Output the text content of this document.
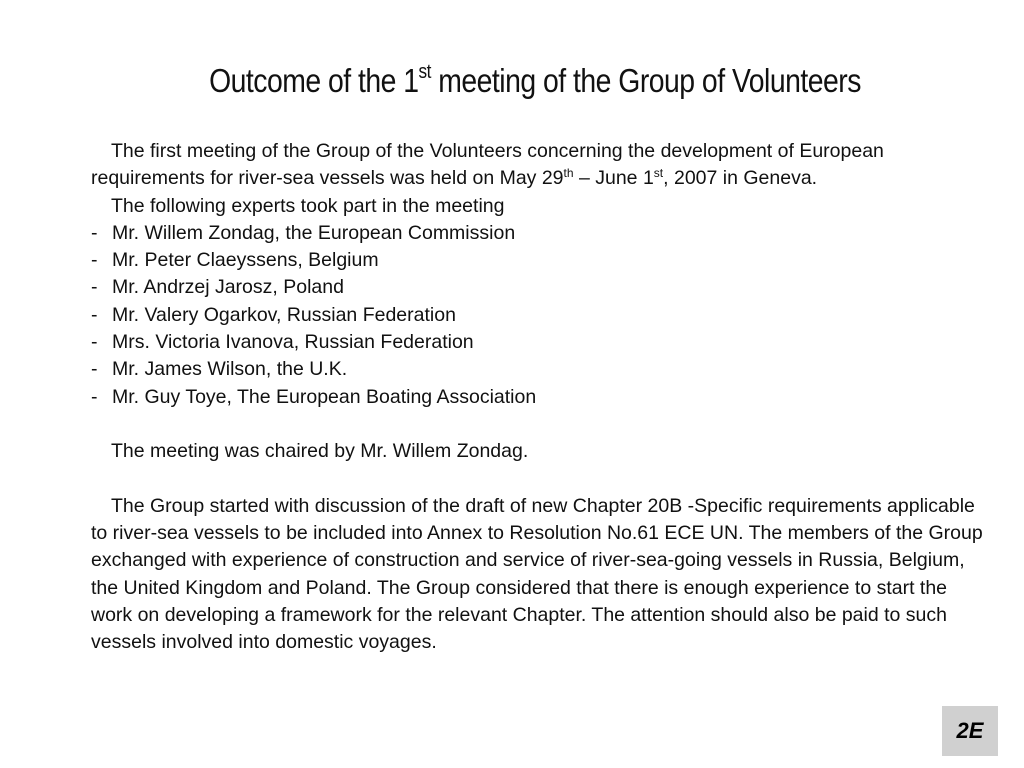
Outcome of the 1st meeting of the Group of Volunteers

The first meeting of the Group of the Volunteers concerning the development of European requirements for river-sea vessels was held on May 29th – June 1st, 2007 in Geneva.

The following experts took part in the meeting

- Mr. Willem Zondag, the European Commission
- Mr. Peter Claeyssens, Belgium
- Mr. Andrzej Jarosz, Poland
- Mr. Valery Ogarkov, Russian Federation
- Mrs. Victoria Ivanova, Russian Federation
- Mr. James Wilson, the U.K.
- Mr. Guy Toye, The European Boating Association

The meeting was chaired by Mr. Willem Zondag.

The Group started with discussion of the draft of new Chapter 20B -Specific requirements applicable to river-sea vessels to be included into Annex to Resolution No.61 ECE UN. The members of the Group exchanged with experience of construction and service of river-sea-going vessels in Russia, Belgium, the United Kingdom and Poland. The Group considered that there is enough experience to start the work on developing a framework for the relevant Chapter. The attention should also be paid to such vessels involved into domestic voyages.

2E
